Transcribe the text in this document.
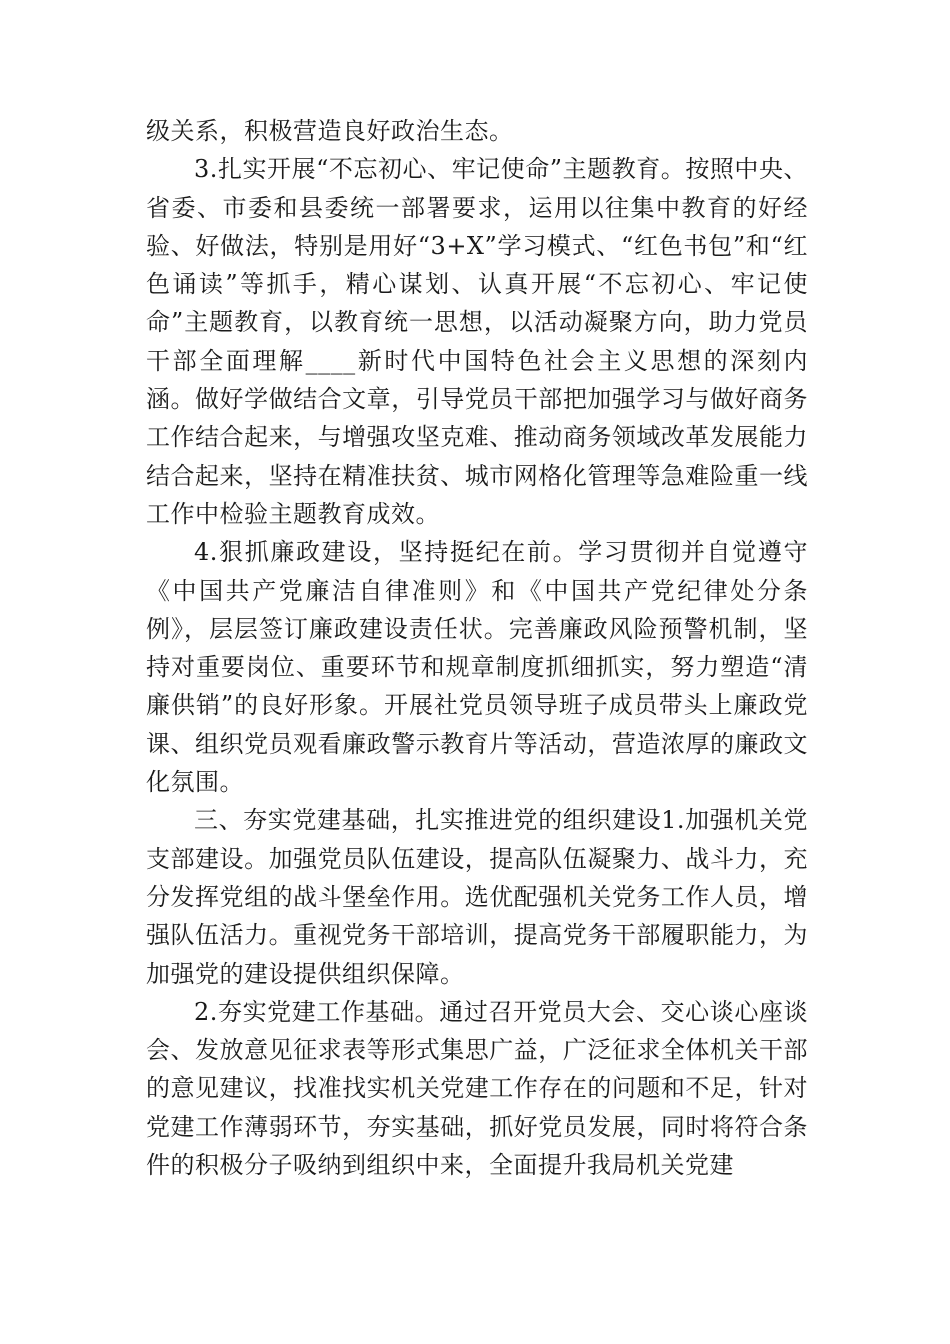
级关系，积极营造良好政治生态。

3.扎实开展“不忘初心、牢记使命”主题教育。按照中央、省委、市委和县委统一部署要求，运用以往集中教育的好经验、好做法，特别是用好“3+X”学习模式、“红色书包”和“红色诵读”等抓手，精心谋划、认真开展“不忘初心、牢记使命”主题教育，以教育统一思想，以活动凝聚方向，助力党员干部全面理解____新时代中国特色社会主义思想的深刻内涵。做好学做结合文章，引导党员干部把加强学习与做好商务工作结合起来，与增强攻坚克难、推动商务领域改革发展能力结合起来，坚持在精准扶贫、城市网格化管理等急难险重一线工作中检验主题教育成效。

4.狠抓廉政建设，坚持挺纪在前。学习贯彻并自觉遵守《中国共产党廉洁自律准则》和《中国共产党纪律处分条例》，层层签订廉政建设责任状。完善廉政风险预警机制，坚持对重要岗位、重要环节和规章制度抓细抓实，努力塑造“清廉供销”的良好形象。开展社党员领导班子成员带头上廉政党课、组织党员观看廉政警示教育片等活动，营造浓厚的廉政文化氛围。

三、夯实党建基础，扎实推进党的组织建设1.加强机关党支部建设。加强党员队伍建设，提高队伍凝聚力、战斗力，充分发挥党组的战斗堡垒作用。选优配强机关党务工作人员，增强队伍活力。重视党务干部培训，提高党务干部履职能力，为加强党的建设提供组织保障。

2.夯实党建工作基础。通过召开党员大会、交心谈心座谈会、发放意见征求表等形式集思广益，广泛征求全体机关干部的意见建议，找准找实机关党建工作存在的问题和不足，针对党建工作薄弱环节，夯实基础，抓好党员发展，同时将符合条件的积极分子吸纳到组织中来，全面提升我局机关党建
